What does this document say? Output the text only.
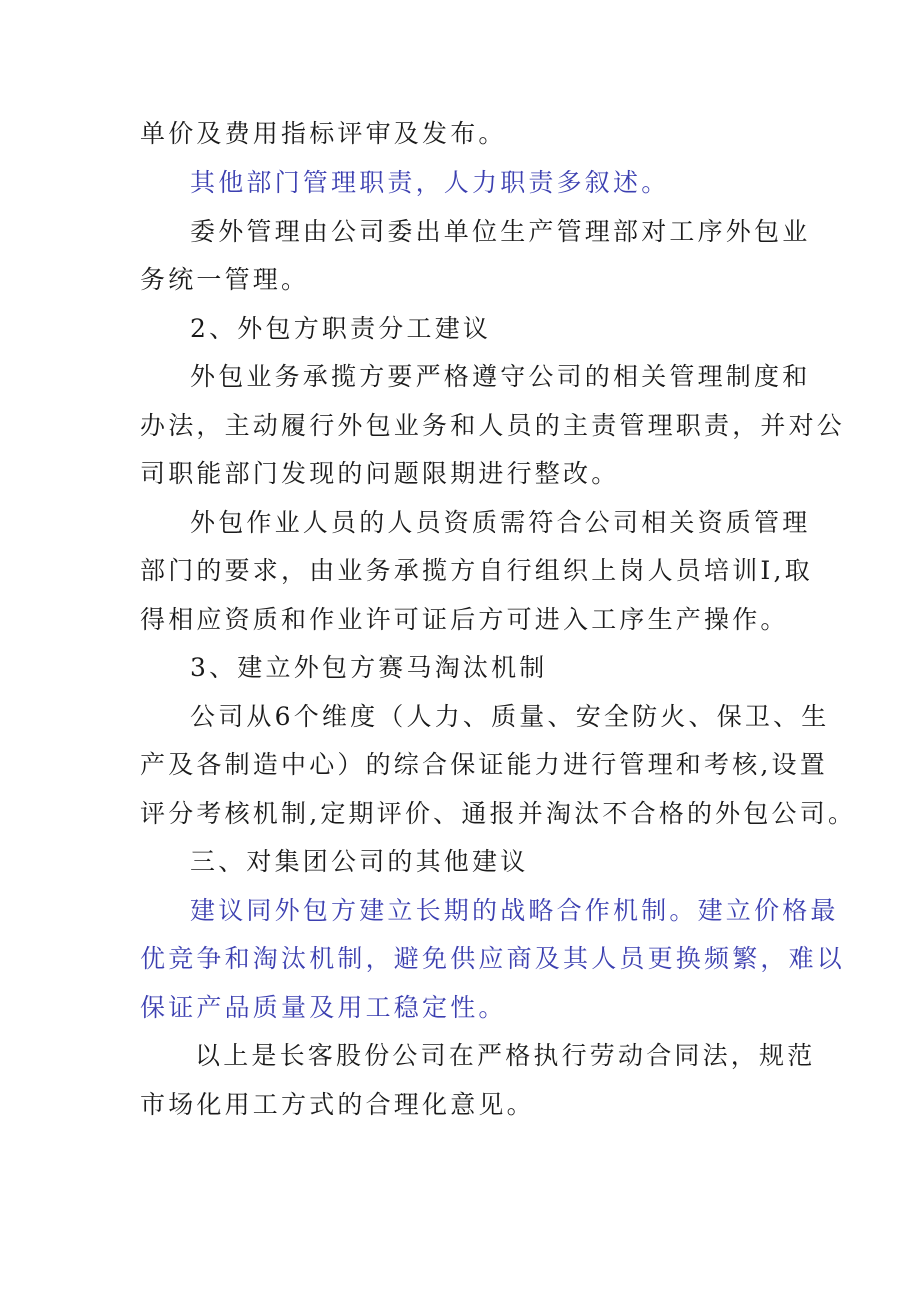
单价及费用指标评审及发布。
其他部门管理职责，人力职责多叙述。
委外管理由公司委出单位生产管理部对工序外包业
务统一管理。
2、外包方职责分工建议
外包业务承揽方要严格遵守公司的相关管理制度和
办法，主动履行外包业务和人员的主责管理职责，并对公
司职能部门发现的问题限期进行整改。
外包作业人员的人员资质需符合公司相关资质管理
部门的要求，由业务承揽方自行组织上岗人员培训I,取
得相应资质和作业许可证后方可进入工序生产操作。
3、建立外包方赛马淘汰机制
公司从6个维度（人力、质量、安全防火、保卫、生
产及各制造中心）的综合保证能力进行管理和考核,设置
评分考核机制,定期评价、通报并淘汰不合格的外包公司。
三、对集团公司的其他建议
建议同外包方建立长期的战略合作机制。建立价格最
优竞争和淘汰机制，避免供应商及其人员更换频繁，难以
保证产品质量及用工稳定性。
以上是长客股份公司在严格执行劳动合同法，规范
市场化用工方式的合理化意见。
